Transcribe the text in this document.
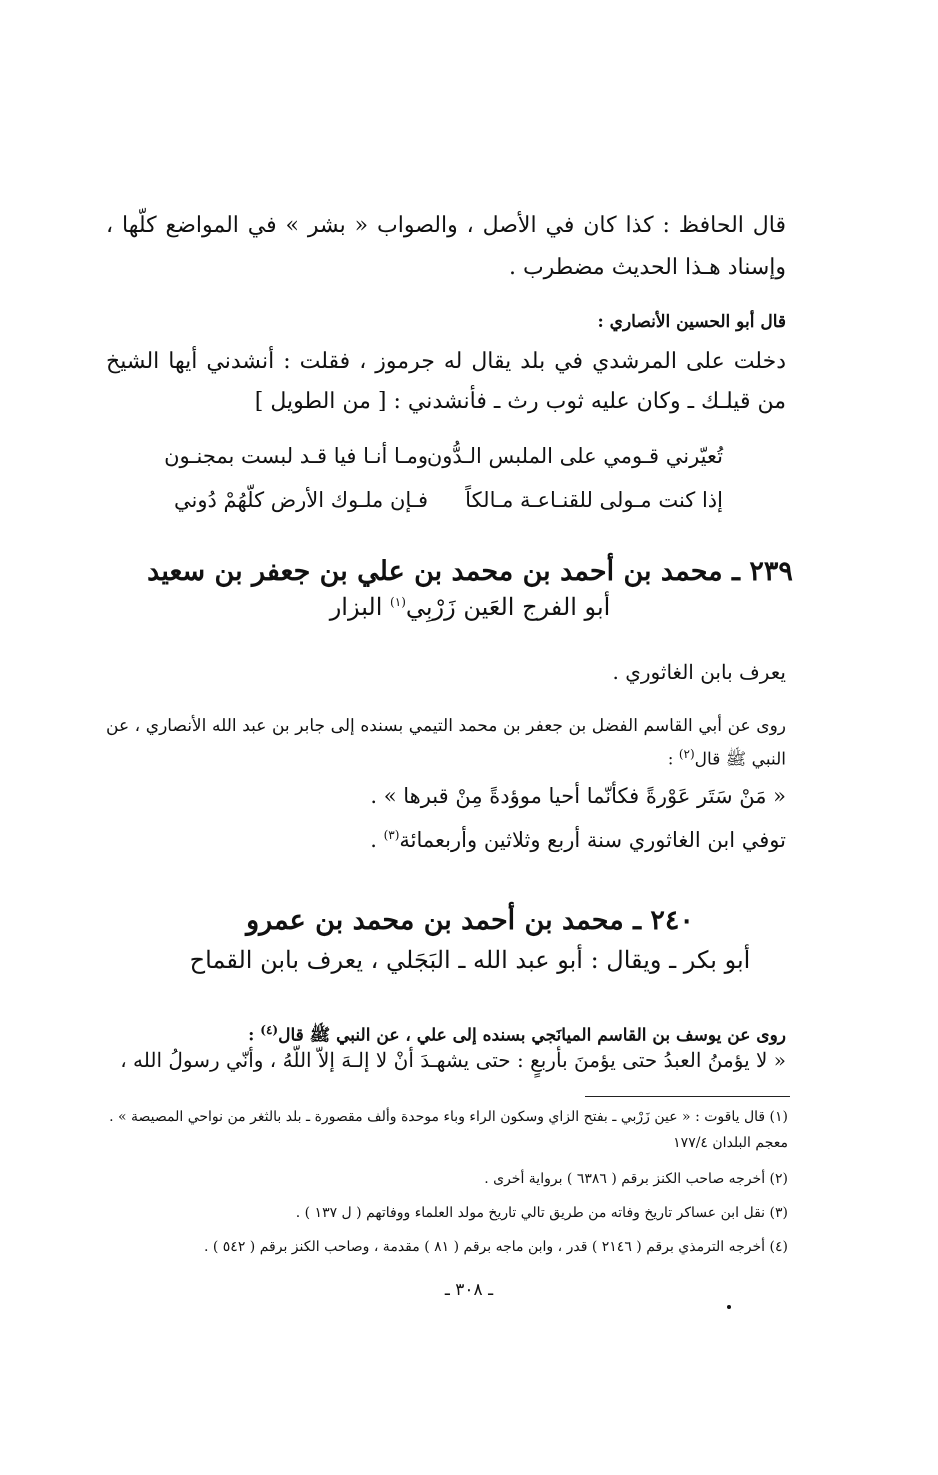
قال الحافظ : كذا كان في الأصل ، والصواب « بشر » في المواضع كلّها ، وإسناد هـذا الحديث مضطرب .
قال أبو الحسين الأنصاري :
دخلت على المرشدي في بلد يقال له جرموز ، فقلت : أنشدني أيها الشيخ من قيلـك ـ وكان عليه ثوب رث ـ فأنشدني : [ من الطويل ]
تُعيّرني قـومي على الملبس الـدُّون
ومـا أنـا فيا قـد لبست بمجنـون
إذا كنت مـولى للقنـاعـة مـالكاً
فـإن ملـوك الأرض كلّهُمْ دُوني
٢٣٩ ـ محمد بن أحمد بن محمد بن علي بن جعفر بن سعيد
أبو الفرج العَين زَرْبِي$^{(١)}$ البزار
يعرف بابن الغاثوري .
روى عن أبي القاسم الفضل بن جعفر بن محمد التيمي بسنده إلى جابر بن عبد الله الأنصاري ، عن النبي ﷺ قال$^{(٢)}$ :
« مَنْ سَتَر عَوْرةً فكأنّما أحيا موؤدةً مِنْ قبرها » .
توفي ابن الغاثوري سنة أربع وثلاثين وأربعمائة$^{(٣)}$ .
٢٤٠ ـ محمد بن أحمد بن محمد بن عمرو
أبو بكر ـ ويقال : أبو عبد الله ـ البَجَلي ، يعرف بابن القماح
روى عن يوسف بن القاسم الميانَجي بسنده إلى علي ، عن النبي ﷺ قال$^{(٤)}$ :
« لا يؤمنُ العبدُ حتى يؤمنَ بأربعٍ : حتى يشهـدَ أنْ لا إلـهَ إلاّ اللّهُ ، وأنّي رسولُ الله ،
(١) قال ياقوت : « عين زَرْبي ـ بفتح الزاي وسكون الراء وباء موحدة وألف مقصورة ـ بلد بالثغر من نواحي المصيصة » . معجم البلدان ١٧٧/٤
(٢) أخرجه صاحب الكنز برقم ( ٦٣٨٦ ) برواية أخرى .
(٣) نقل ابن عساكر تاريخ وفاته من طريق تالي تاريخ مولد العلماء ووفاتهم ( ل ١٣٧ ) .
(٤) أخرجه الترمذي برقم ( ٢١٤٦ ) قدر ، وابن ماجه برقم ( ٨١ ) مقدمة ، وصاحب الكنز برقم ( ٥٤٢ ) .
ـ ٣٠٨ ـ
